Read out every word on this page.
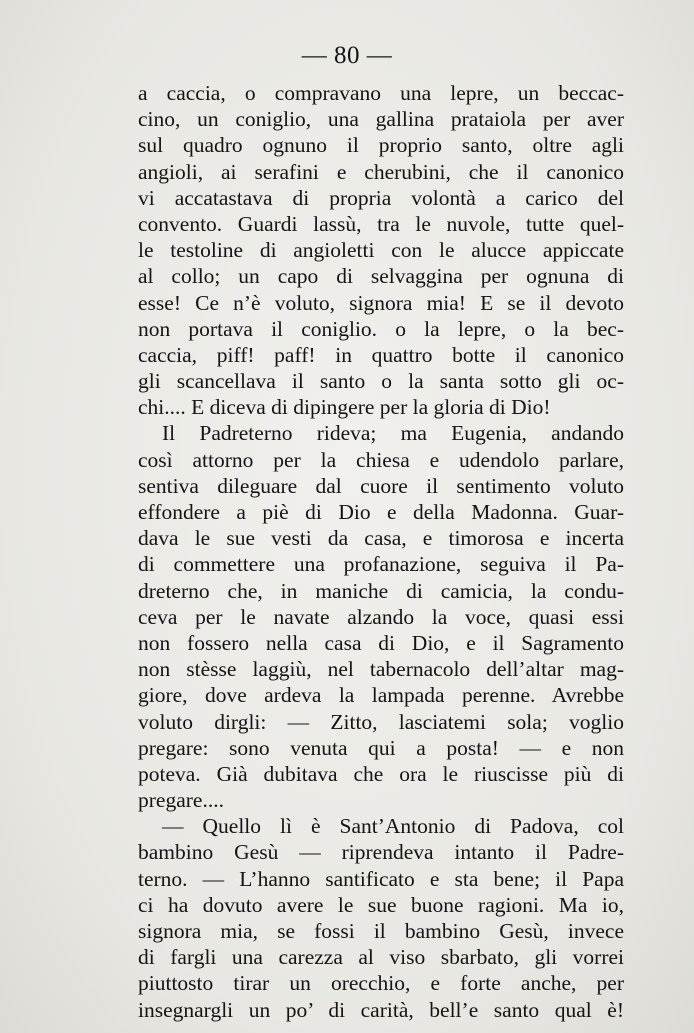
— 80 —
a caccia, o compravano una lepre, un beccac-
cino, un coniglio, una gallina prataiola per aver
sul quadro ognuno il proprio santo, oltre agli
angioli, ai serafini e cherubini, che il canonico
vi accatastava di propria volontà a carico del
convento. Guardi lassù, tra le nuvole, tutte quel-
le testoline di angioletti con le alucce appiccate
al collo; un capo di selvaggina per ognuna di
esse! Ce n’è voluto, signora mia! E se il devoto
non portava il coniglio. o la lepre, o la bec-
caccia, piff! paff! in quattro botte il canonico
gli scancellava il santo o la santa sotto gli oc-
chi.... E diceva di dipingere per la gloria di Dio!
Il Padreterno rideva; ma Eugenia, andando
così attorno per la chiesa e udendolo parlare,
sentiva dileguare dal cuore il sentimento voluto
effondere a piè di Dio e della Madonna. Guar-
dava le sue vesti da casa, e timorosa e incerta
di commettere una profanazione, seguiva il Pa-
dreterno che, in maniche di camicia, la condu-
ceva per le navate alzando la voce, quasi essi
non fossero nella casa di Dio, e il Sagramento
non stèsse laggiù, nel tabernacolo dell’altar mag-
giore, dove ardeva la lampada perenne. Avrebbe
voluto dirgli: — Zitto, lasciatemi sola; voglio
pregare: sono venuta qui a posta! — e non
poteva. Già dubitava che ora le riuscisse più di
pregare....
— Quello lì è Sant’Antonio di Padova, col
bambino Gesù — riprendeva intanto il Padre-
terno. — L’hanno santificato e sta bene; il Papa
ci ha dovuto avere le sue buone ragioni. Ma io,
signora mia, se fossi il bambino Gesù, invece
di fargli una carezza al viso sbarbato, gli vorrei
piuttosto tirar un orecchio, e forte anche, per
insegnargli un po’ di carità, bell’e santo qual è!
